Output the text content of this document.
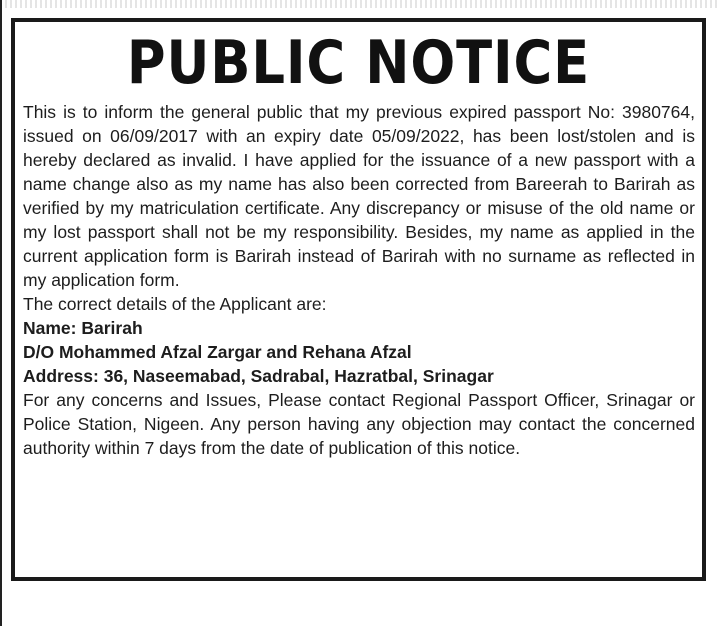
PUBLIC NOTICE

This is to inform the general public that my previous expired passport No: 3980764, issued on 06/09/2017 with an expiry date 05/09/2022, has been lost/stolen and is hereby declared as invalid. I have applied for the issuance of a new passport with a name change also as my name has also been corrected from Bareerah to Barirah as verified by my matriculation certificate. Any discrepancy or misuse of the old name or my lost passport shall not be my responsibility. Besides, my name as applied in the current application form is Barirah instead of Barirah with no surname as reflected in my application form.

The correct details of the Applicant are:

Name: Barirah

D/O Mohammed Afzal Zargar and Rehana Afzal

Address: 36, Naseemabad, Sadrabal, Hazratbal, Srinagar

For any concerns and Issues, Please contact Regional Passport Officer, Srinagar or Police Station, Nigeen. Any person having any objection may contact the concerned authority within 7 days from the date of publication of this notice.
